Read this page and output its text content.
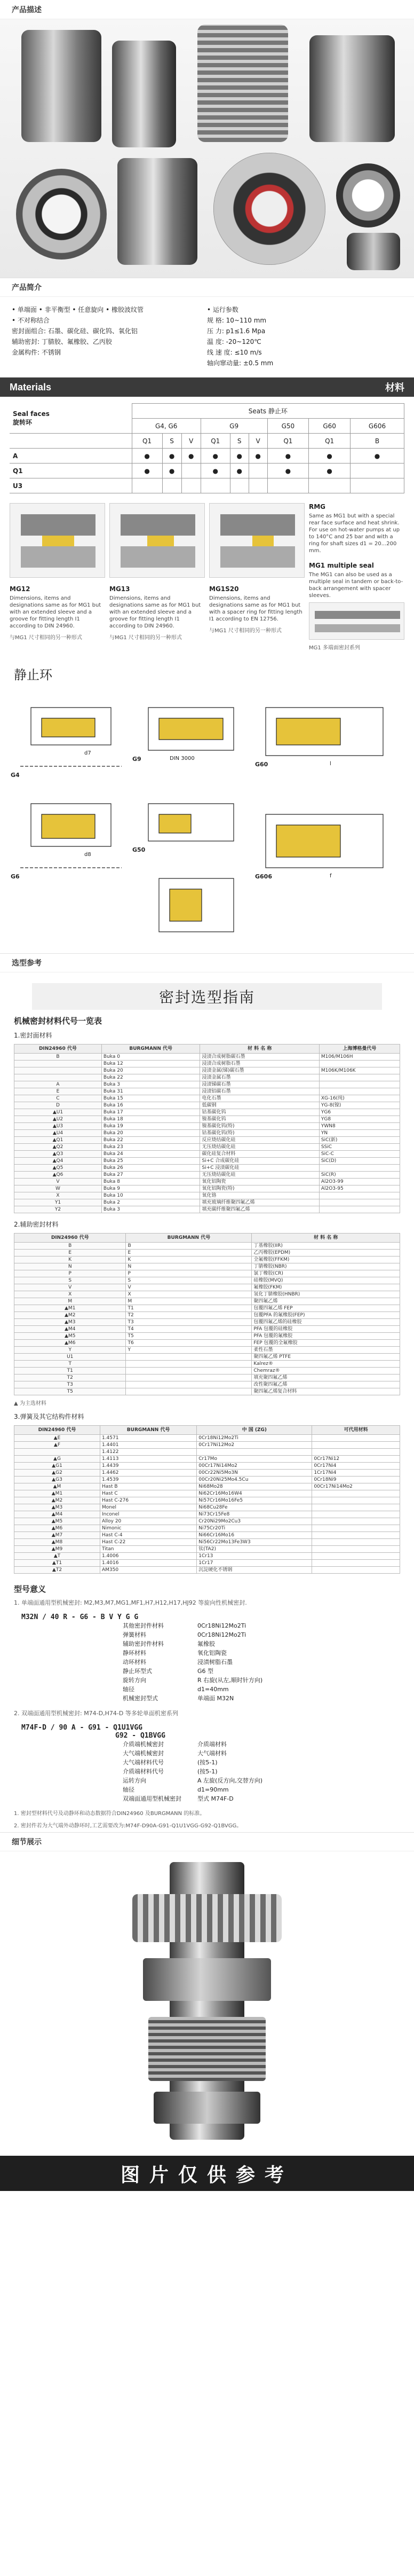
产品描述
产品简介
• 单端面 • 非平衡型 • 任意旋向 • 橡胶波纹管
• 不对称结合
密封面组合: 石墨、碳化硅、碳化钨、氧化铝
辅助密封: 丁腈胶、氟橡胶、乙丙胶
金属构件: 不锈钢
• 运行参数
规 格: 10~110 mm
压 力: p1≤1.6 Mpa
温 度: -20~120℃
线 速 度: ≤10 m/s
轴向窜动量: ±0.5 mm
Materials	材料
Seal faces
旋转环	Seats 静止环								
	G4, G6			G9			G50	G60	G606
	Q1	S	V	Q1	S	V	Q1	Q1	B
A	●	●	●	●	●	●	●	●	●
Q1	●	●		●	●		●	●	
U3									
MG12
Dimensions, items and designations same as for MG1 but with an extended sleeve and a groove for fitting length I1 according to DIN 24960.
与MG1 尺寸相同的另一种形式
MG13
Dimensions, items and designations same as for MG1 but with an extended sleeve and a groove for fitting length I1 according to DIN 24960.
与MG1 尺寸相同的另一种形式
MG1S20
Dimensions, items and designations same as for MG1 but with a spacer ring for fitting length I1 according to EN 12756.
与MG1 尺寸相同的另一种形式
RMG
Same as MG1 but with a special rear face surface and heat shrink. For use on hot-water pumps at up to 140°C and 25 bar and with a ring for shaft sizes d1 = 20...200 mm.
MG1 multiple seal
The MG1 can also be used as a multiple seal in tandem or back-to-back arrangement with spacer sleeves.
MG1 多端面密封系列
静止环
G4
G6
G9
G50
G60
G606
d7
d8
l
f
DIN 3000
选型参考
密封选型指南
机械密封材料代号一览表
1.密封面材料
DIN24960 代号	BURGMANN 代号	材 料 名 称	上海博格曼代号
B	Buka 0	浸渍合成树脂碳石墨	M106/M106H
	Buka 12	浸渍合成树脂石墨	
	Buka 20	浸渍金属(锑)碳石墨	M106K/M106K
	Buka 22	浸渍金属石墨	
A	Buka 3	浸渍锑碳石墨	
E	Buka 31	浸渍铝碳石墨	
C	Buka 15	电化石墨	XG-16(纯)
D	Buka 16	低碳钢	YG-8(镍)
▲U1	Buka 17	钴基碳化钨	YG6
▲U2	Buka 18	镍基碳化钨	YG8
▲U3	Buka 19	镍基碳化钨(特)	YWN8
▲U4	Buka 20	钴基碳化钨(特)	YN
▲Q1	Buka 22	反应烧结碳化硅	SiC(新)
▲Q2	Buka 23	无压烧结碳化硅	SSiC
▲Q3	Buka 24	碳化硅复合材料	SiC-C
▲Q4	Buka 25	Si+C 合成碳化硅	SiC(D)
▲Q5	Buka 26	Si+C 浸渍碳化硅	
▲Q6	Buka 27	无压烧结碳化硅	SiC(R)
V	Buka 8	氧化铝陶瓷	Al2O3-99
W	Buka 9	氧化铝陶瓷(特)	Al2O3-95
X	Buka 10	氧化铬	
Y1	Buka 2	填充玻璃纤维聚四氟乙烯	
Y2	Buka 3	填充碳纤维聚四氟乙烯	
2.辅助密封材料
DIN24960 代号	BURGMANN 代号	材 料 名 称
B	B	丁基橡胶(IIR)
E	E	乙丙橡胶(EPDM)
K	K	全氟橡胶(FFKM)
N	N	丁腈橡胶(NBR)
P	P	氯丁橡胶(CR)
S	S	硅橡胶(MVQ)
V	V	氟橡胶(FKM)
X	X	氢化丁腈橡胶(HNBR)
M	M	聚四氟乙烯
▲M1	T1	包覆四氟乙烯 FEP
▲M2	T2	包覆PFA 的氟橡胶(FEP)
▲M3	T3	包覆四氟乙烯的硅橡胶
▲M4	T4	PFA 包覆的硅橡胶
▲M5	T5	PFA 包覆的氟橡胶
▲M6	T6	FEP 包覆的全氟橡胶
Y	Y	柔性石墨
U1		聚四氟乙烯 PTFE
T		Kalrez®
T1		Chemraz®
T2		填充聚四氟乙烯
T3		改性聚四氟乙烯
T5		聚四氟乙烯复合材料
▲ 为主选材料
3.弹簧及其它结构件材料
DIN24960 代号	BURGMANN 代号	中 国 (ZG)	可代用材料
▲E	1.4571	0Cr18Ni12Mo2Ti	
▲F	1.4401	0Cr17Ni12Mo2	
	1.4122		
▲G	1.4113	Cr17Mo	0Cr17Ni12
▲G1	1.4439	00Cr17Ni14Mo2	0Cr17Ni4
▲G2	1.4462	00Cr22Ni5Mo3N	1Cr17Ni4
▲G3	1.4539	00Cr20Ni25Mo4.5Cu	0Cr18Ni9
▲M	Hast B	Ni68Mo28	00Cr17Ni14Mo2
▲M1	Hast C	Ni62Cr16Mo16W4	
▲M2	Hast C-276	Ni57Cr16Mo16Fe5	
▲M3	Monel	Ni68Cu28Fe	
▲M4	Inconel	Ni73Cr15Fe8	
▲M5	Alloy 20	Cr20Ni29Mo2Cu3	
▲M6	Nimonic	Ni75Cr20Ti	
▲M7	Hast C-4	Ni66Cr16Mo16	
▲M8	Hast C-22	Ni56Cr22Mo13Fe3W3	
▲M9	Titan	钛(TA2)	
▲T	1.4006	1Cr13	
▲T1	1.4016	1Cr17	
▲T2	AM350	沉淀硬化不锈钢	
型号意义
1. 单端面通用型机械密封: M2,M3,M7,MG1,MF1,H7,H12,H17,HJ92 等旋向性机械密封.
M32N / 40 R - G6 - B V Y G G
其他密封件材料	0Cr18Ni12Mo2Ti
弹簧材料	0Cr18Ni12Mo2Ti
辅助密封件材料	氟橡胶
静环材料	氧化铝陶瓷
动环材料	浸渍树脂石墨
静止环型式	G6 型
旋转方向	R 右旋(从左,顺时针方向)
轴径	d1=40mm
机械密封型式	单端面 M32N
2. 双端面通用型机械密封: M74-D,H74-D 等多轮单面机密系列
M74F-D / 90 A - G91 - Q1U1VGG
G92 - Q1BVGG
介质端机械密封	介质端材料
大气端机械密封	大气端材料
大气端材料代号	(按5-1)
介质端材料代号	(按5-1)
运转方向	A 左旋(反方向,交替方向)
轴径	d1=90mm
双端面通用型机械密封	型式 M74F-D
1. 密封型材料代号及动静环和动态数据符合DIN24960 及BURGMANN 的标准。
2. 密封件若为大气端外动静环时,工艺需要改为:M74F-D90A-G91-Q1U1VGG-G92-Q1BVGG。
细节展示
图片仅供参考
